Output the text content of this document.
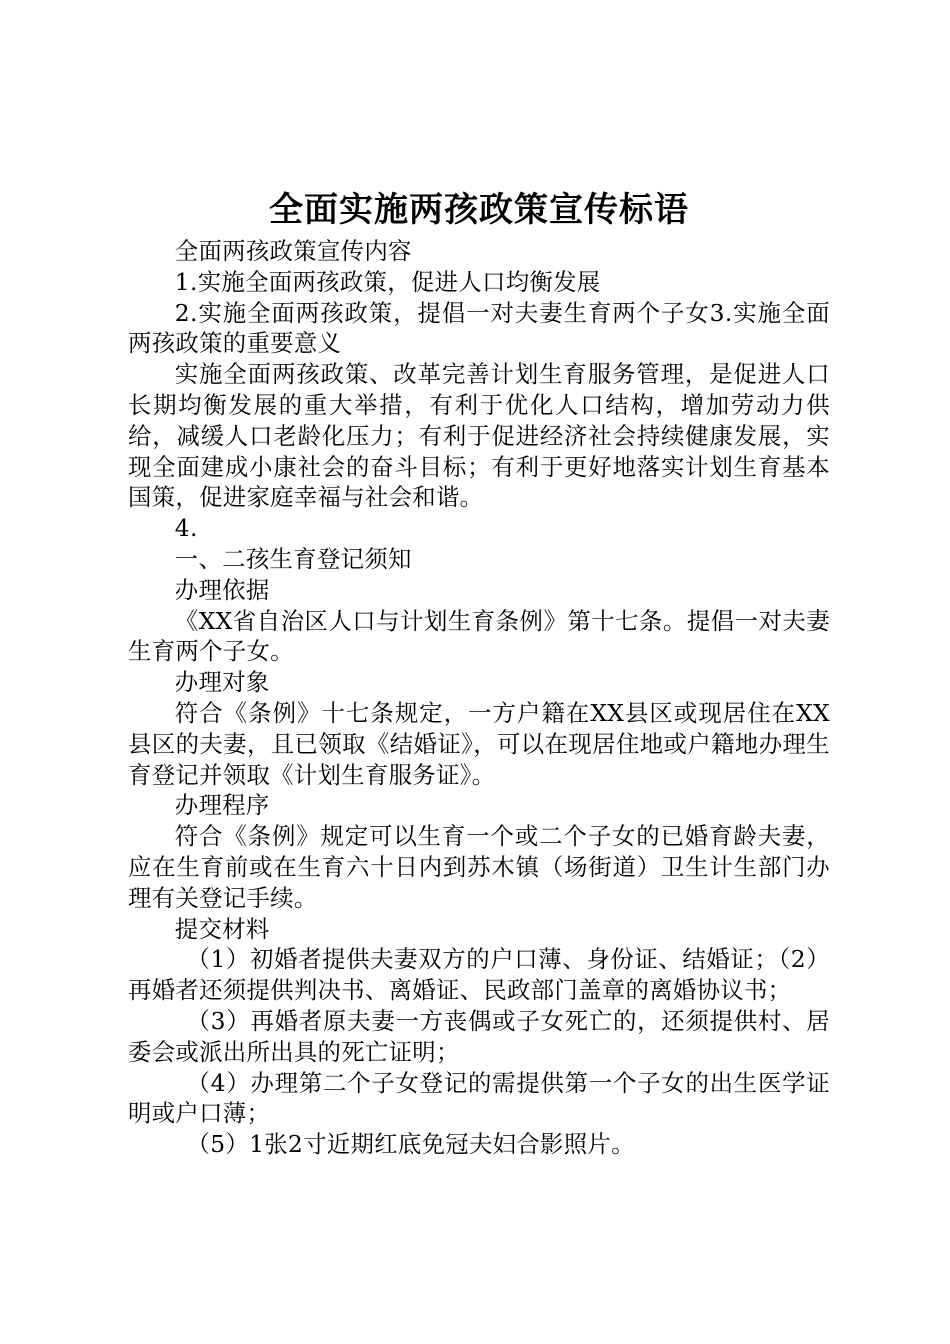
全面实施两孩政策宣传标语

全面两孩政策宣传内容

1.实施全面两孩政策，促进人口均衡发展

2.实施全面两孩政策，提倡一对夫妻生育两个子女3.实施全面两孩政策的重要意义

实施全面两孩政策、改革完善计划生育服务管理，是促进人口长期均衡发展的重大举措，有利于优化人口结构，增加劳动力供给，减缓人口老龄化压力；有利于促进经济社会持续健康发展，实现全面建成小康社会的奋斗目标；有利于更好地落实计划生育基本国策，促进家庭幸福与社会和谐。

4.

一、二孩生育登记须知

办理依据

《XX省自治区人口与计划生育条例》第十七条。提倡一对夫妻生育两个子女。

办理对象

符合《条例》十七条规定，一方户籍在XX县区或现居住在XX县区的夫妻，且已领取《结婚证》，可以在现居住地或户籍地办理生育登记并领取《计划生育服务证》。

办理程序

符合《条例》规定可以生育一个或二个子女的已婚育龄夫妻，应在生育前或在生育六十日内到苏木镇（场街道）卫生计生部门办理有关登记手续。

提交材料

（1）初婚者提供夫妻双方的户口薄、身份证、结婚证；（2）再婚者还须提供判决书、离婚证、民政部门盖章的离婚协议书；

（3）再婚者原夫妻一方丧偶或子女死亡的，还须提供村、居委会或派出所出具的死亡证明；

（4）办理第二个子女登记的需提供第一个子女的出生医学证明或户口薄；

（5）1张2寸近期红底免冠夫妇合影照片。
